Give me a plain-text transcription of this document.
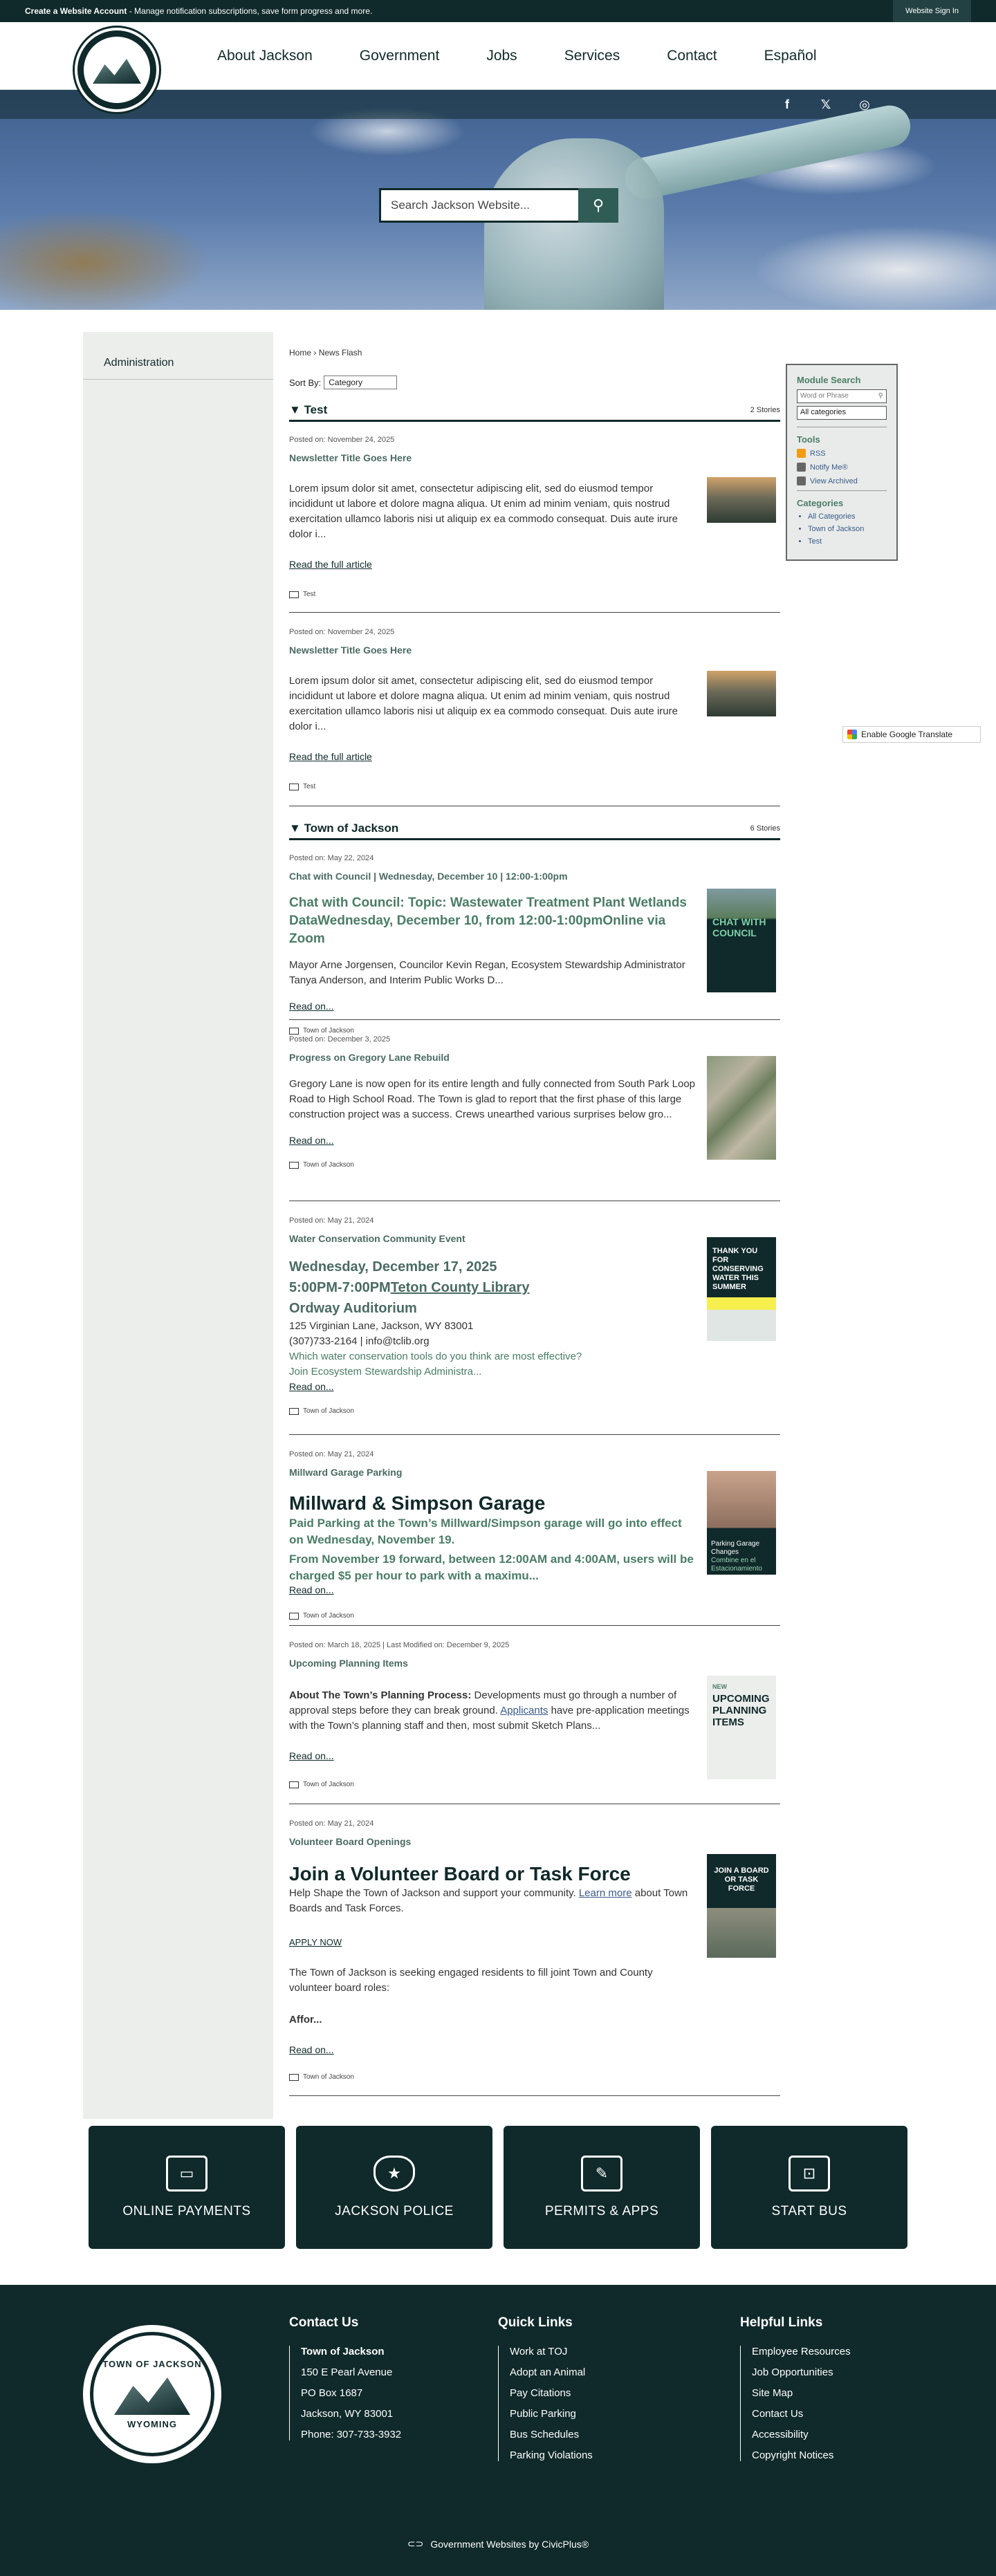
Create a Website Account - Manage notification subscriptions, save form progress and more.	Website Sign In
About Jackson	Government	Jobs	Services	Contact	Español
f	𝕏 ◎
Search Jackson Website...	⚲
Administration
Home › News Flash
Sort By: Category
▼ Test	2 Stories
Posted on: November 24, 2025
Newsletter Title Goes Here
Lorem ipsum dolor sit amet, consectetur adipiscing elit, sed do eiusmod tempor incididunt ut labore et dolore magna aliqua. Ut enim ad minim veniam, quis nostrud exercitation ullamco laboris nisi ut aliquip ex ea commodo consequat. Duis aute irure dolor i...
Read the full article
Test
Posted on: November 24, 2025
Newsletter Title Goes Here
Lorem ipsum dolor sit amet, consectetur adipiscing elit, sed do eiusmod tempor incididunt ut labore et dolore magna aliqua. Ut enim ad minim veniam, quis nostrud exercitation ullamco laboris nisi ut aliquip ex ea commodo consequat. Duis aute irure dolor i...
Read the full article
Test
▼ Town of Jackson	6 Stories
Posted on: May 22, 2024
Chat with Council | Wednesday, December 10 | 12:00-1:00pm
Chat with Council: Topic: Wastewater Treatment Plant Wetlands DataWednesday, December 10, from 12:00-1:00pmOnline via Zoom
Mayor Arne Jorgensen, Councilor Kevin Regan, Ecosystem Stewardship Administrator Tanya Anderson, and Interim Public Works D...
Read on...
Town of Jackson
CHAT WITH COUNCIL
Posted on: December 3, 2025
Progress on Gregory Lane Rebuild
Gregory Lane is now open for its entire length and fully connected from South Park Loop Road to High School Road. The Town is glad to report that the first phase of this large construction project was a success. Crews unearthed various surprises below gro...
Read on...
Town of Jackson
Posted on: May 21, 2024
Water Conservation Community Event
Wednesday, December 17, 2025
5:00PM-7:00PMTeton County Library
Ordway Auditorium
125 Virginian Lane, Jackson, WY 83001
(307)733-2164 | info@tclib.org
Which water conservation tools do you think are most effective?
Join Ecosystem Stewardship Administra...
Read on...
Town of Jackson
THANK YOU FOR CONSERVING WATER THIS SUMMER
Posted on: May 21, 2024
Millward Garage Parking
Millward & Simpson Garage
Paid Parking at the Town’s Millward/Simpson garage will go into effect on Wednesday, November 19.
From November 19 forward, between 12:00AM and 4:00AM, users will be charged $5 per hour to park with a maximu...
Read on...
Town of Jackson
Parking Garage Changes
Combine en el Estacionamiento
Posted on: March 18, 2025 | Last Modified on: December 9, 2025
Upcoming Planning Items
About The Town’s Planning Process: Developments must go through a number of approval steps before they can break ground. Applicants have pre-application meetings with the Town’s planning staff and then, most submit Sketch Plans...
Read on...
Town of Jackson
NEW
UPCOMING PLANNING ITEMS
Posted on: May 21, 2024
Volunteer Board Openings
Join a Volunteer Board or Task Force
Help Shape the Town of Jackson and support your community. Learn more about Town Boards and Task Forces.
APPLY NOW
The Town of Jackson is seeking engaged residents to fill joint Town and County volunteer board roles:
Affor...
Read on...
Town of Jackson
JOIN A BOARD OR TASK FORCE
Module Search
Word or Phrase	⚲
All categories
Tools
RSS
Notify Me®
View Archived
Categories
• All Categories
• Town of Jackson
• Test
Enable Google Translate
▭
ONLINE PAYMENTS
★
JACKSON POLICE
✎
PERMITS & APPS
⊡
START BUS
TOWN OF JACKSON
WYOMING
Contact Us
Town of Jackson
150 E Pearl Avenue
PO Box 1687
Jackson, WY 83001
Phone: 307-733-3932
Quick Links
Work at TOJ
Adopt an Animal
Pay Citations
Public Parking
Bus Schedules
Parking Violations
Helpful Links
Employee Resources
Job Opportunities
Site Map
Contact Us
Accessibility
Copyright Notices
⊂⊃ Government Websites by CivicPlus®
